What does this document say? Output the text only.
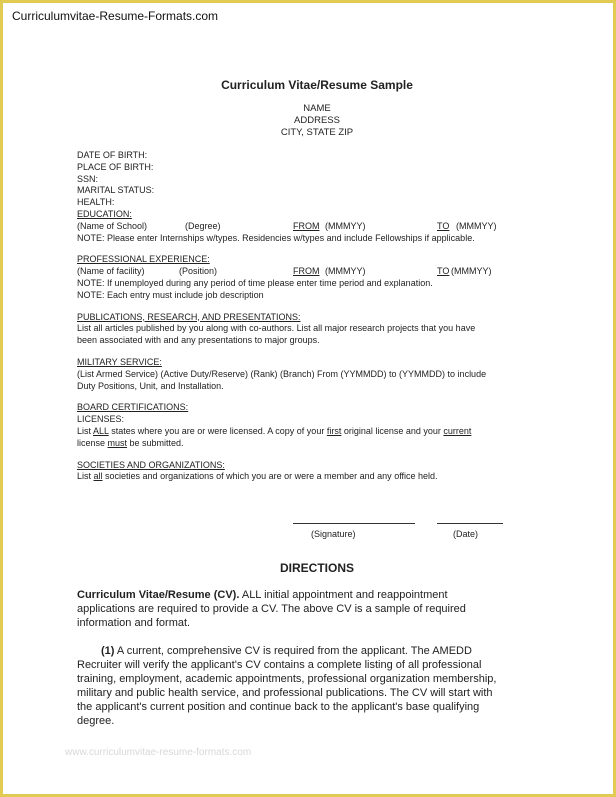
Curriculumvitae-Resume-Formats.com
Curriculum Vitae/Resume Sample
NAME
ADDRESS
CITY, STATE ZIP
DATE OF BIRTH:
PLACE OF BIRTH:
SSN:
MARITAL STATUS:
HEALTH:
EDUCATION:
(Name of School)	(Degree)	FROM (MMMYY)	TO (MMMYY)
NOTE: Please enter Internships w/types. Residencies w/types and include Fellowships if applicable.
PROFESSIONAL EXPERIENCE:
(Name of facility)	(Position)	FROM (MMMYY)	TO (MMMYY)
NOTE: If unemployed during any period of time please enter time period and explanation.
NOTE: Each entry must include job description
PUBLICATIONS, RESEARCH, AND PRESENTATIONS:
List all articles published by you along with co-authors. List all major research projects that you have
been associated with and any presentations to major groups.
MILITARY SERVICE:
(List Armed Service) (Active Duty/Reserve) (Rank) (Branch) From (YYMMDD) to (YYMMDD) to include
Duty Positions, Unit, and Installation.
BOARD CERTIFICATIONS:
LICENSES:
List ALL states where you are or were licensed. A copy of your first original license and your current
license must be submitted.
SOCIETIES AND ORGANIZATIONS:
List all societies and organizations of which you are or were a member and any office held.
(Signature)	(Date)
DIRECTIONS
Curriculum Vitae/Resume (CV). ALL initial appointment and reappointment
applications are required to provide a CV. The above CV is a sample of required
information and format.
(1) A current, comprehensive CV is required from the applicant. The AMEDD
Recruiter will verify the applicant's CV contains a complete listing of all professional
training, employment, academic appointments, professional organization membership,
military and public health service, and professional publications. The CV will start with
the applicant's current position and continue back to the applicant's base qualifying
degree.
www.curriculumvitae-resume-formats.com
